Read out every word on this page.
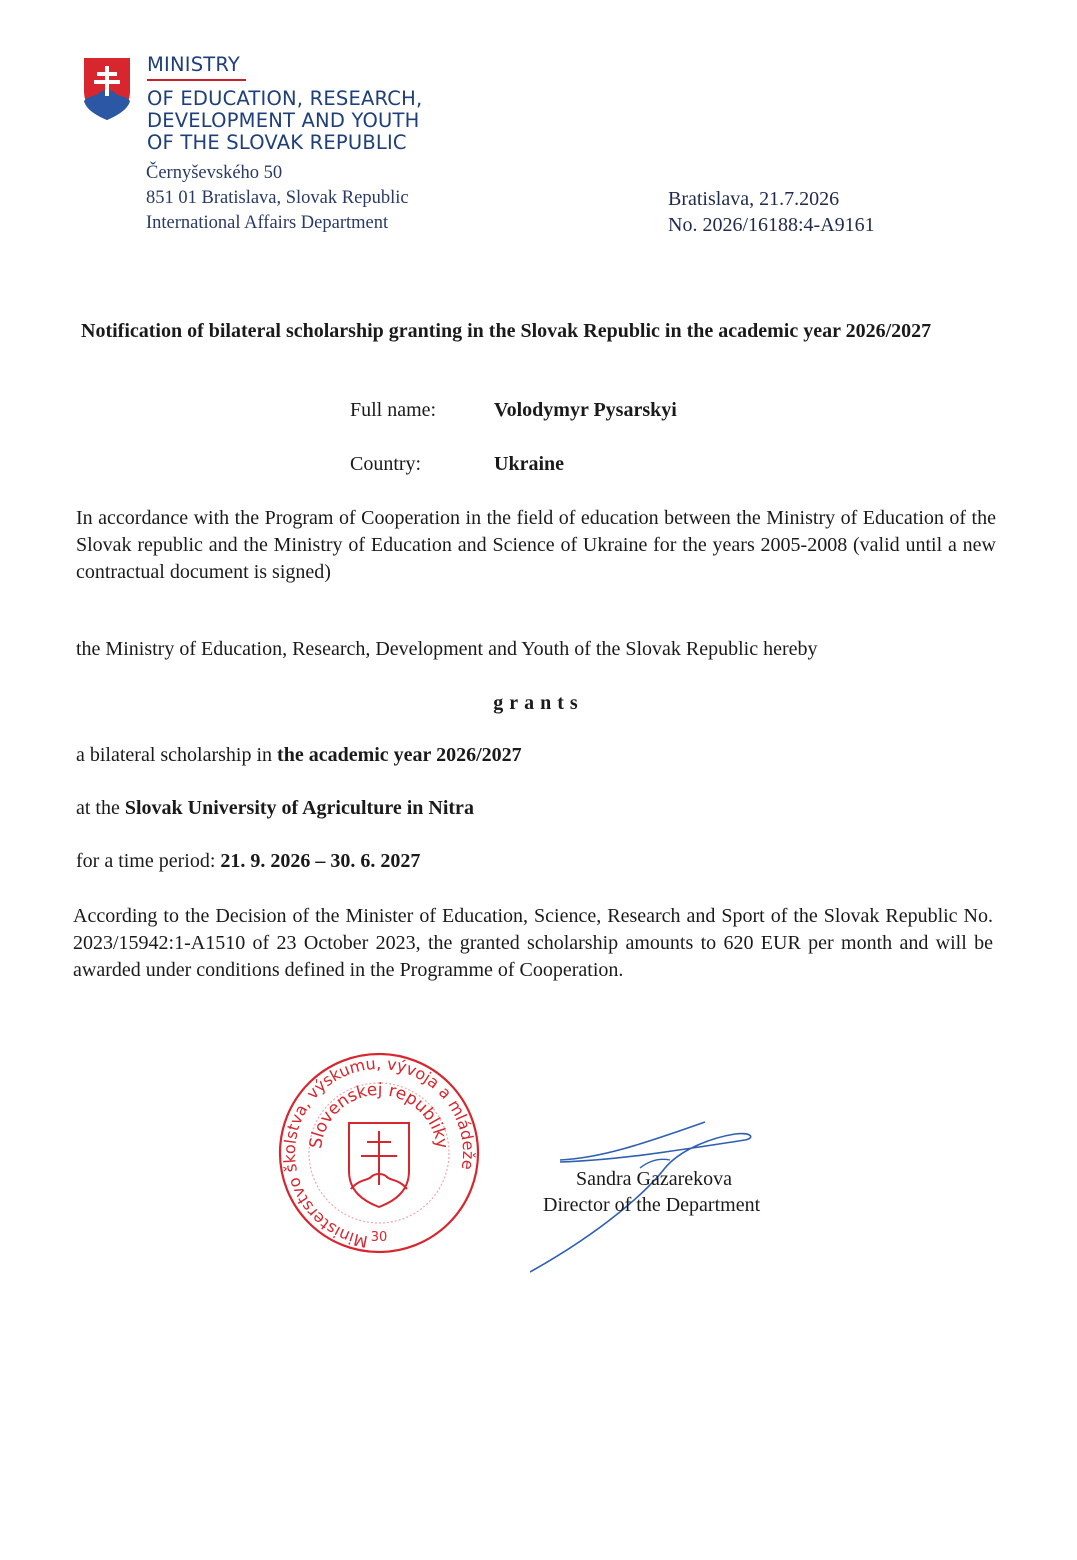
MINISTRY
OF EDUCATION, RESEARCH,
DEVELOPMENT AND YOUTH
OF THE SLOVAK REPUBLIC
Černyševského 50
851 01 Bratislava, Slovak Republic
International Affairs Department
Bratislava, 21.7.2026
No. 2026/16188:4-A9161
Notification of bilateral scholarship granting in the Slovak Republic in the academic year 2026/2027
Full name:	Volodymyr Pysarskyi
Country:	Ukraine
In accordance with the Program of Cooperation in the field of education between the Ministry of Education of the Slovak republic and the Ministry of Education and Science of Ukraine for the years 2005-2008 (valid until a new contractual document is signed)
the Ministry of Education, Research, Development and Youth of the Slovak Republic hereby
grants
a bilateral scholarship in the academic year 2026/2027
at the Slovak University of Agriculture in Nitra
for a time period: 21. 9. 2026 – 30. 6. 2027
According to the Decision of the Minister of Education, Science, Research and Sport of the Slovak Republic No. 2023/15942:1-A1510 of 23 October 2023, the granted scholarship amounts to 620 EUR per month and will be awarded under conditions defined in the Programme of Cooperation.
Ministerstvo školstva, výskumu, vývoja a mládeže
Slovenskej republiky
30
Sandra Gazarekova
Director of the Department
